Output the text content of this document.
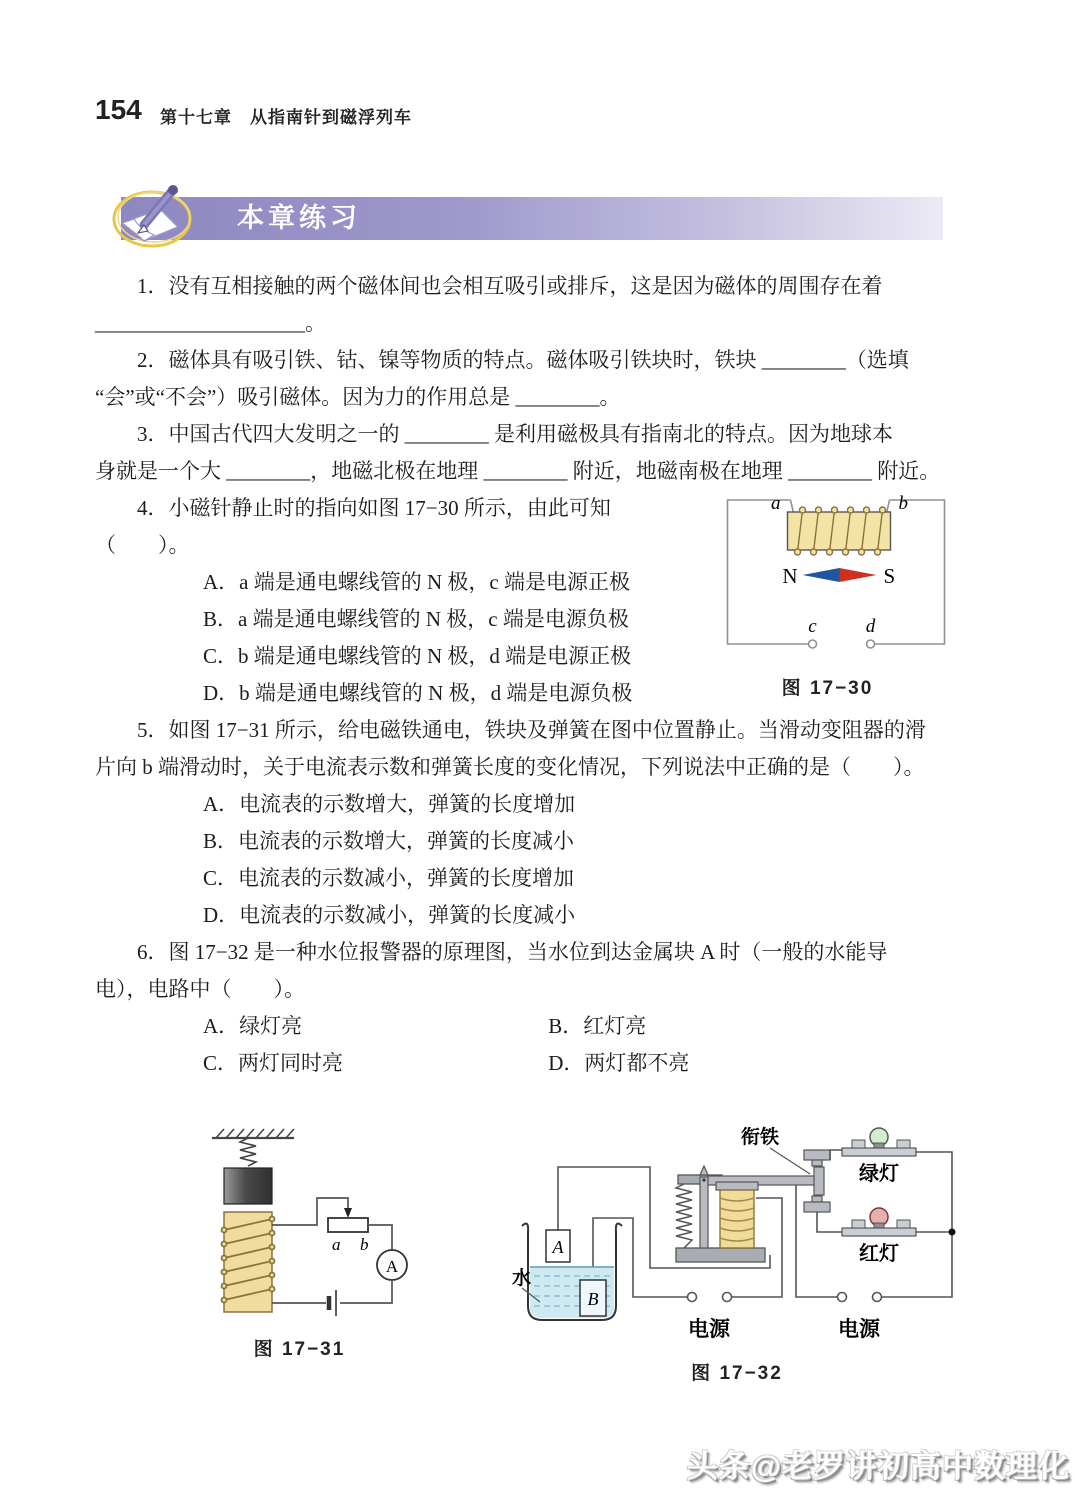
154 第十七章　从指南针到磁浮列车
本章练习
1．没有互相接触的两个磁体间也会相互吸引或排斥，这是因为磁体的周围存在着
____________________。
2．磁体具有吸引铁、钴、镍等物质的特点。磁体吸引铁块时，铁块 ________（选填
“会”或“不会”）吸引磁体。因为力的作用总是 ________。
3．中国古代四大发明之一的 ________ 是利用磁极具有指南北的特点。因为地球本
身就是一个大 ________，地磁北极在地理 ________ 附近，地磁南极在地理 ________ 附近。
a	b
N	S
c	d
图 17−30
4．小磁针静止时的指向如图 17−30 所示，由此可知
（　　）。
A．a 端是通电螺线管的 N 极，c 端是电源正极
B．a 端是通电螺线管的 N 极，c 端是电源负极
C．b 端是通电螺线管的 N 极，d 端是电源正极
D．b 端是通电螺线管的 N 极，d 端是电源负极
5．如图 17−31 所示，给电磁铁通电，铁块及弹簧在图中位置静止。当滑动变阻器的滑
片向 b 端滑动时，关于电流表示数和弹簧长度的变化情况，下列说法中正确的是（　　）。
A．电流表的示数增大，弹簧的长度增加
B．电流表的示数增大，弹簧的长度减小
C．电流表的示数减小，弹簧的长度增加
D．电流表的示数减小，弹簧的长度减小
6．图 17−32 是一种水位报警器的原理图，当水位到达金属块 A 时（一般的水能导
电），电路中（　　）。
A．绿灯亮	B．红灯亮
C．两灯同时亮	D．两灯都不亮
a b
A
图 17−31
A
B
水
衔铁
绿灯
红灯
电源	电源
图 17−32
头条@老罗讲初高中数理化
